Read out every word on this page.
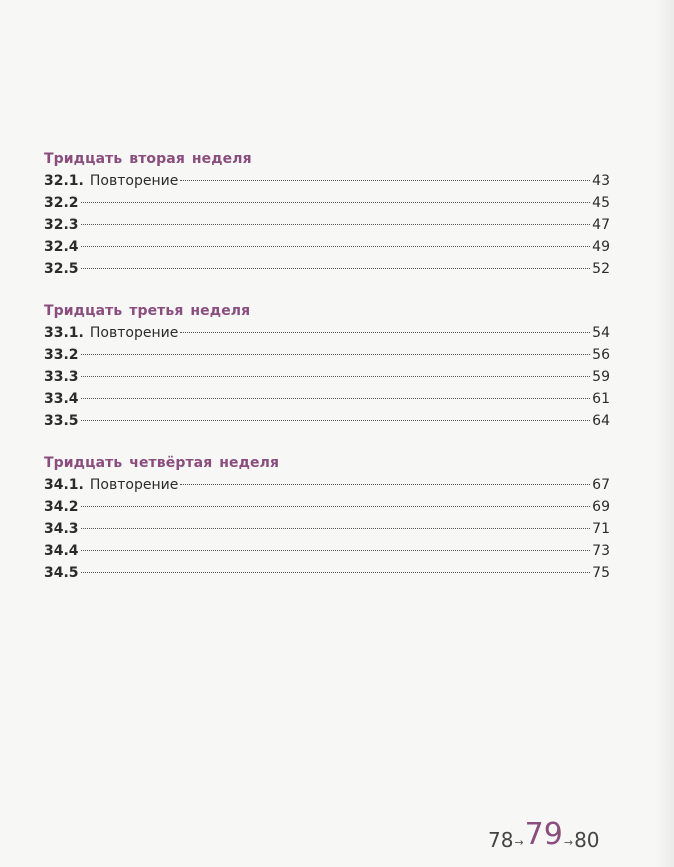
Тридцать вторая неделя
32.1. Повторение	43
32.2	45
32.3	47
32.4	49
32.5	52
Тридцать третья неделя
33.1. Повторение	54
33.2	56
33.3	59
33.4	61
33.5	64
Тридцать четвёртая неделя
34.1. Повторение	67
34.2	69
34.3	71
34.4	73
34.5	75
78 → 79 → 80
